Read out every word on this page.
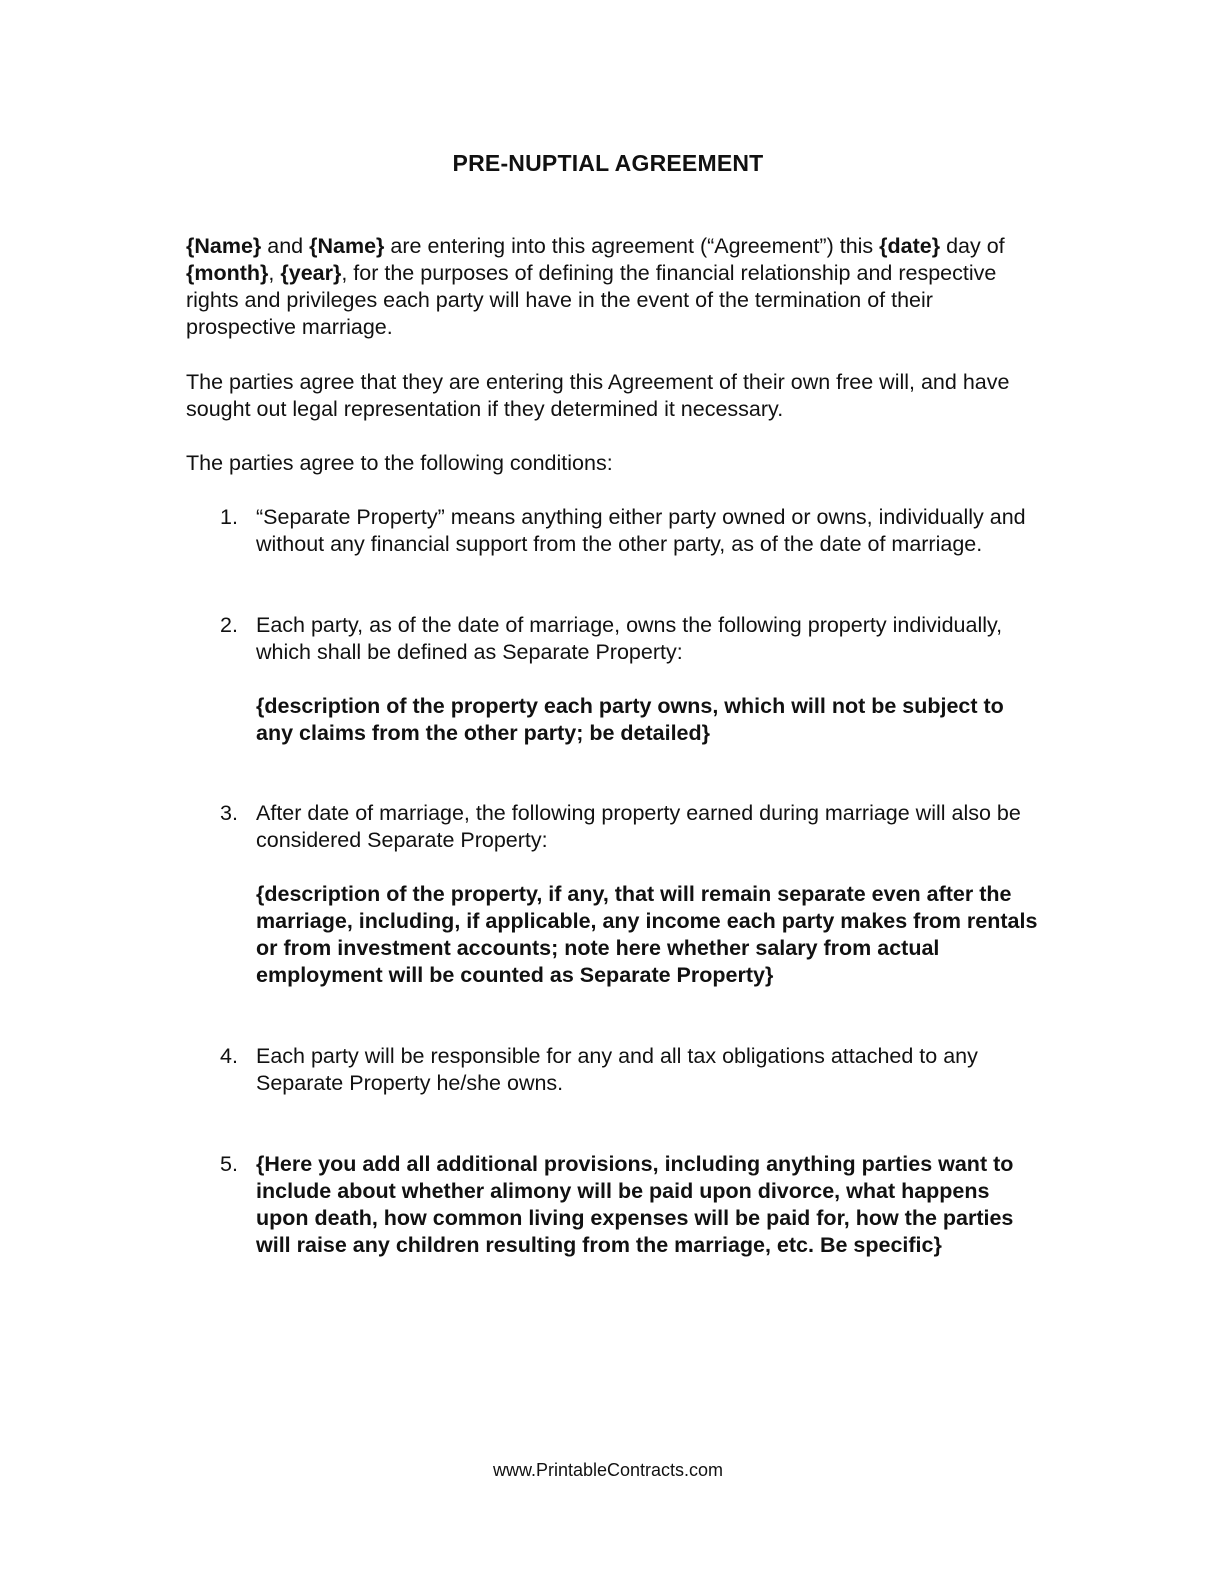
PRE-NUPTIAL AGREEMENT
{Name} and {Name} are entering into this agreement (“Agreement”) this {date} day of {month}, {year}, for the purposes of defining the financial relationship and respective rights and privileges each party will have in the event of the termination of their prospective marriage.
The parties agree that they are entering this Agreement of their own free will, and have sought out legal representation if they determined it necessary.
The parties agree to the following conditions:
1. “Separate Property” means anything either party owned or owns, individually and without any financial support from the other party, as of the date of marriage.
2. Each party, as of the date of marriage, owns the following property individually, which shall be defined as Separate Property:
{description of the property each party owns, which will not be subject to any claims from the other party; be detailed}
3. After date of marriage, the following property earned during marriage will also be considered Separate Property:
{description of the property, if any, that will remain separate even after the marriage, including, if applicable, any income each party makes from rentals or from investment accounts; note here whether salary from actual employment will be counted as Separate Property}
4. Each party will be responsible for any and all tax obligations attached to any Separate Property he/she owns.
5. {Here you add all additional provisions, including anything parties want to include about whether alimony will be paid upon divorce, what happens upon death, how common living expenses will be paid for, how the parties will raise any children resulting from the marriage, etc. Be specific}
www.PrintableContracts.com
